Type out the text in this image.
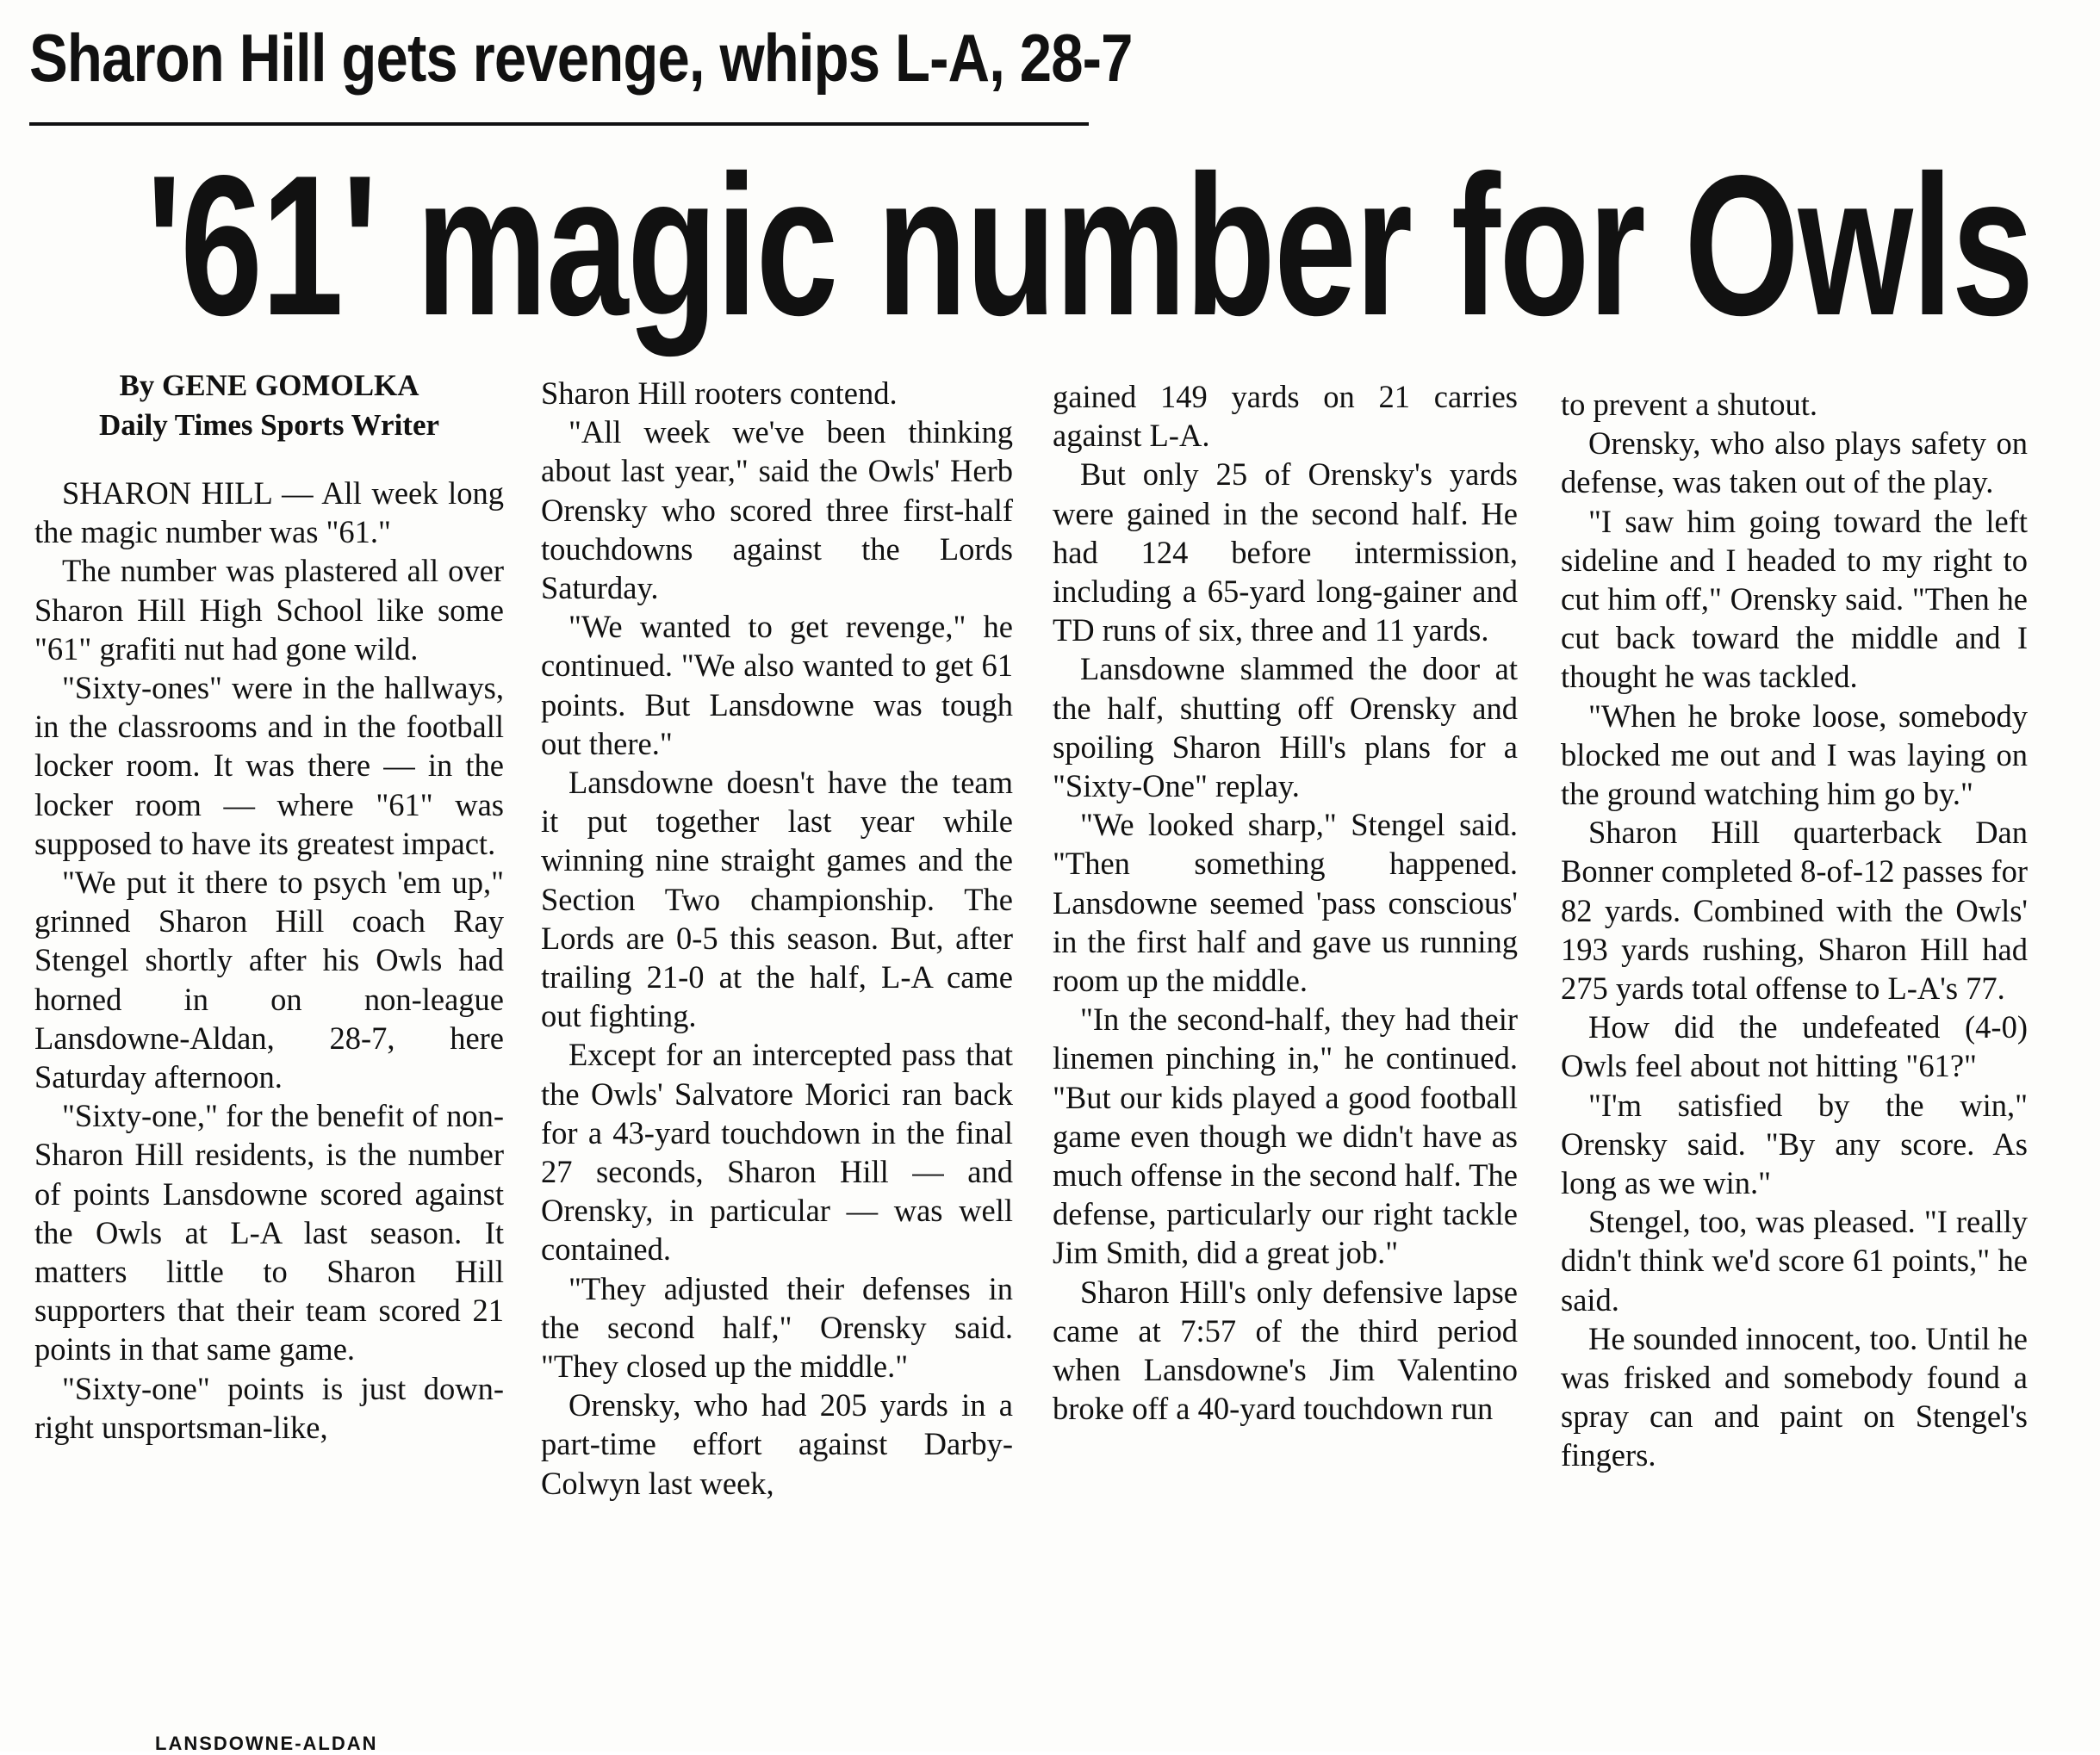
Sharon Hill gets revenge, whips L-A, 28-7
'61' magic number for Owls
By GENE GOMOLKA
Daily Times Sports Writer

SHARON HILL — All week long the magic number was "61."

The number was plastered all over Sharon Hill High School like some "61" grafiti nut had gone wild.

"Sixty-ones" were in the hallways, in the classrooms and in the football locker room. It was there — in the locker room — where "61" was supposed to have its greatest impact.

"We put it there to psych 'em up," grinned Sharon Hill coach Ray Stengel shortly after his Owls had horned in on non-league Lansdowne-Aldan, 28-7, here Saturday afternoon.

"Sixty-one," for the benefit of non-Sharon Hill residents, is the number of points Lansdowne scored against the Owls at L-A last season. It matters little to Sharon Hill supporters that their team scored 21 points in that same game.

"Sixty-one" points is just down-right unsportsman-like,

Sharon Hill rooters contend.

"All week we've been thinking about last year," said the Owls' Herb Orensky who scored three first-half touchdowns against the Lords Saturday.

"We wanted to get revenge," he continued. "We also wanted to get 61 points. But Lansdowne was tough out there."

Lansdowne doesn't have the team it put together last year while winning nine straight games and the Section Two championship. The Lords are 0-5 this season. But, after trailing 21-0 at the half, L-A came out fighting.

Except for an intercepted pass that the Owls' Salvatore Morici ran back for a 43-yard touchdown in the final 27 seconds, Sharon Hill — and Orensky, in particular — was well contained.

"They adjusted their defenses in the second half," Orensky said. "They closed up the middle."

Orensky, who had 205 yards in a part-time effort against Darby-Colwyn last week,

gained 149 yards on 21 carries against L-A.

But only 25 of Orensky's yards were gained in the second half. He had 124 before intermission, including a 65-yard long-gainer and TD runs of six, three and 11 yards.

Lansdowne slammed the door at the half, shutting off Orensky and spoiling Sharon Hill's plans for a "Sixty-One" replay.

"We looked sharp," Stengel said. "Then something happened. Lansdowne seemed 'pass conscious' in the first half and gave us running room up the middle.

"In the second-half, they had their linemen pinching in," he continued. "But our kids played a good football game even though we didn't have as much offense in the second half. The defense, particularly our right tackle Jim Smith, did a great job."

Sharon Hill's only defensive lapse came at 7:57 of the third period when Lansdowne's Jim Valentino broke off a 40-yard touchdown run

to prevent a shutout.

Orensky, who also plays safety on defense, was taken out of the play.

"I saw him going toward the left sideline and I headed to my right to cut him off," Orensky said. "Then he cut back toward the middle and I thought he was tackled.

"When he broke loose, somebody blocked me out and I was laying on the ground watching him go by."

Sharon Hill quarterback Dan Bonner completed 8-of-12 passes for 82 yards. Combined with the Owls' 193 yards rushing, Sharon Hill had 275 yards total offense to L-A's 77.

How did the undefeated (4-0) Owls feel about not hitting "61?"

"I'm satisfied by the win," Orensky said. "By any score. As long as we win."

Stengel, too, was pleased. "I really didn't think we'd score 61 points," he said.

He sounded innocent, too. Until he was frisked and somebody found a spray can and paint on Stengel's fingers.

LANSDOWNE-ALDAN
